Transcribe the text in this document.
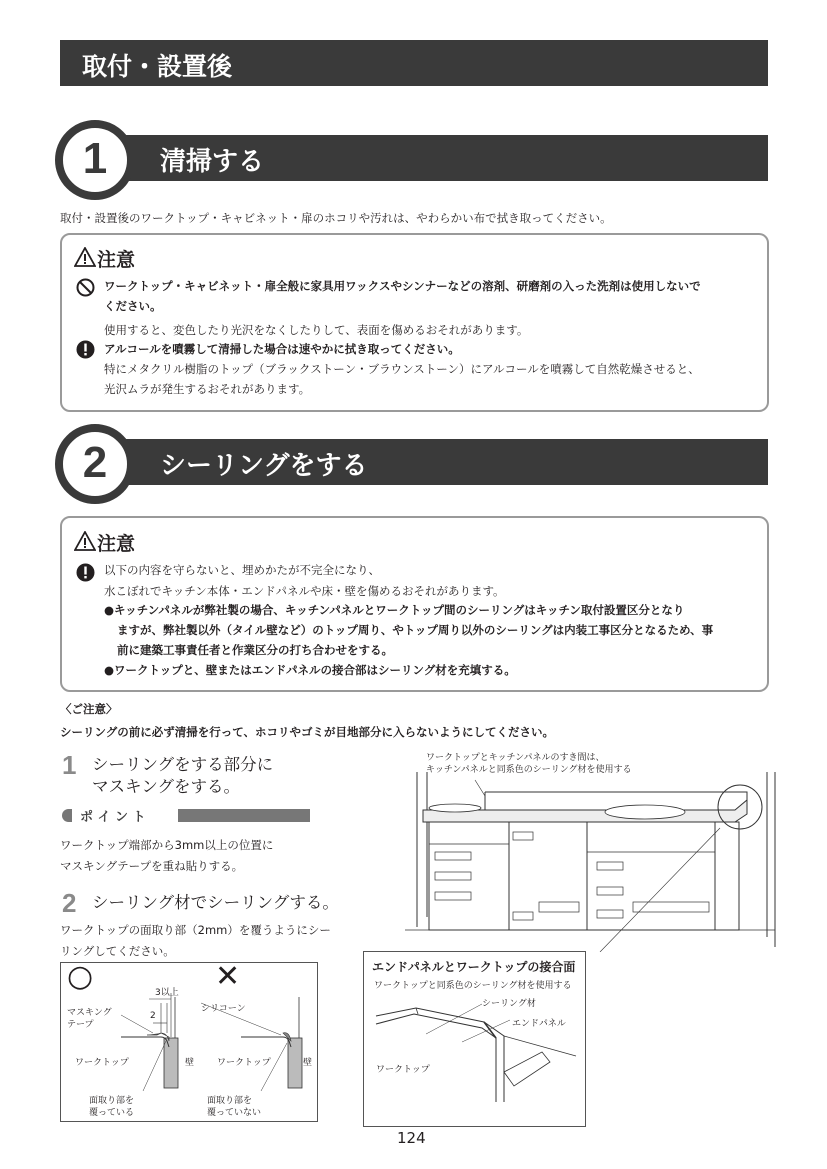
取付・設置後
清掃する
1
取付・設置後のワークトップ・キャビネット・扉のホコリや汚れは、やわらかい布で拭き取ってください。
注意
ワークトップ・キャビネット・扉全般に家具用ワックスやシンナーなどの溶剤、研磨剤の入った洗剤は使用しないで
ください。
使用すると、変色したり光沢をなくしたりして、表面を傷めるおそれがあります。
アルコールを噴霧して清掃した場合は速やかに拭き取ってください。
特にメタクリル樹脂のトップ（ブラックストーン・ブラウンストーン）にアルコールを噴霧して自然乾燥させると、
光沢ムラが発生するおそれがあります。
シーリングをする
2
注意
以下の内容を守らないと、埋めかたが不完全になり、
水こぼれでキッチン本体・エンドパネルや床・壁を傷めるおそれがあります。
●キッチンパネルが弊社製の場合、キッチンパネルとワークトップ間のシーリングはキッチン取付設置区分となり
ますが、弊社製以外（タイル壁など）のトップ周り、やトップ周り以外のシーリングは内装工事区分となるため、事
前に建築工事責任者と作業区分の打ち合わせをする。
●ワークトップと、壁またはエンドパネルの接合部はシーリング材を充填する。
〈ご注意〉
シーリングの前に必ず清掃を行って、ホコリやゴミが目地部分に入らないようにしてください。
1 シーリングをする部分に
マスキングをする。
ポ イ ン ト
ワークトップ端部から3mm以上の位置に
マスキングテープを重ね貼りする。
2 シーリング材でシーリングする。
ワークトップの面取り部（2mm）を覆うようにシー
リングしてください。
○	✕
3以上
2
マスキング
テープ
シリコーン
ワークトップ	壁	ワークトップ	壁
面取り部を
覆っている
面取り部を
覆っていない
ワークトップとキッチンパネルのすき間は、
キッチンパネルと同系色のシーリング材を使用する
エンドパネルとワークトップの接合面
ワークトップと同系色のシーリング材を使用する
シーリング材
エンドパネル
ワークトップ
124
